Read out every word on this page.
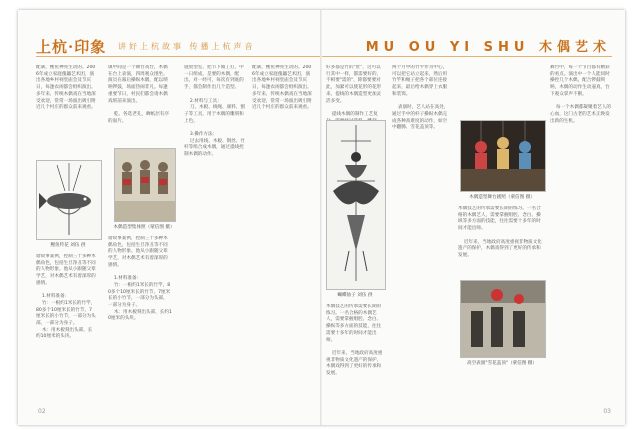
上杭·印象 讲好上杭故事 传播上杭声音
配制，鲤鱼神亮生动的。2006年成立家庭傀儡艺术团，演出各地乡村祠堂庙会及节庆日，每逢农闲都会组织演出。多年来，传统木偶戏在当地深受欢迎，常常一场演出吸引附近几个村庄的群众前来观看。
鲤鱼传花 刘伍 供
谐故事案例，控制三十多种木偶角色，包括生旦净丑等不同的人物形象。他从小跟随父辈学艺，对木偶艺术有着深厚的感情。

1.材料准备：
竹：一根约1米长的竹竿，80多个10厘米长的竹节，7厘米长的小竹节，一部分为头部，一部分为身子。
木：用木板刻出头部，长约10厘米的头块。
镇中间是一个舞台戏台，木偶在台上表演，四周观众围坐。演员在幕后操纵木偶，配以唢呐锣鼓，场面热闹非凡。每逢重要节日，村民们都会请木偶戏班前来演出。

乾、各选老孔，蝉纸层有序的面片。
木偶造型集体照（蒙信图 摄）
谐故事案例，控制三十多种木偶角色，包括生旦净丑等不同的人物形象。他从小跟随父辈学艺，对木偶艺术有着深厚的感情。

1.材料准备：
竹：一根约1米长的竹竿，80多个10厘米长的竹节，7厘米长的小竹节，一部分为头部，一部分为身子。
木：用木板刻出头部，长约10厘米的头块。
施放型室，把节下做工打，中一日组成，是要的木偶，配出。对一经可，每次有到底的手，都会制作出几个造型。

2.材料与工具：
刀、木板、线绳、颜料、刨子等工具，用于木偶的雕刻和上色。

3.操作方法：
过去用线、木板、钢丝、竹杆等组合成木偶，通过提线控制木偶的动作。
配制，鲤鱼神亮生动的。2006年成立家庭傀儡艺术团，演出各地乡村祠堂庙会及节庆日，每逢农闲都会组织演出。多年来，传统木偶戏在当地深受欢迎，常常一场演出吸引附近几个村庄的群众前来观看。
02
MU OU YI SHU 木偶艺术
好多都是竹的"肚"，这可以行其中一样，都需要好的，不相要"需的"，除都要要对此，加紧可以使花形的花形来，提线的木偶造型更加灵活多变。

提线木偶的制作工艺复
蝴蝶仙子 刘伍 供
木偶技艺的传承需要长期的练习。一名合格的木偶艺人，需要掌握唱腔、念白、操纵等多方面的技能，往往需要十多年的时间才能出师。

近年来，当地政府高度重视非物质文化遗产的保护，木偶戏得到了更好的传承和发展。
两个月中的竹竿作为中心，可以把它站立起来，然后用竹竿和绳子把各个部位连接起来，最后给木偶穿上衣服和装饰。

表演时，艺人站在高处，通过手中的杆子操纵木偶完成各种高难度的动作，如空中翻腾、雪花盖顶等。
木偶造型舞台剧照（蒙信图 摄）
木偶技艺的传承需要长期的练习。一名合格的木偶艺人，需要掌握唱腔、念白、操纵等多方面的技能，往往需要十多年的时间才能出师。

近年来，当地政府高度重视非物质文化遗产的保护，木偶戏得到了更好的传承和发展。
高空表演"雪花盖顶"（蒙信图 摄）
舞台中，每一个节目都有精彩的看点。演出中一个人能同时操控几个木偶，配合锣鼓唢呐，木偶的动作生动逼真，台下观众掌声不断。

每一个木偶都凝聚着艺人的心血，这门古老的艺术正焕发出新的生机。
03
